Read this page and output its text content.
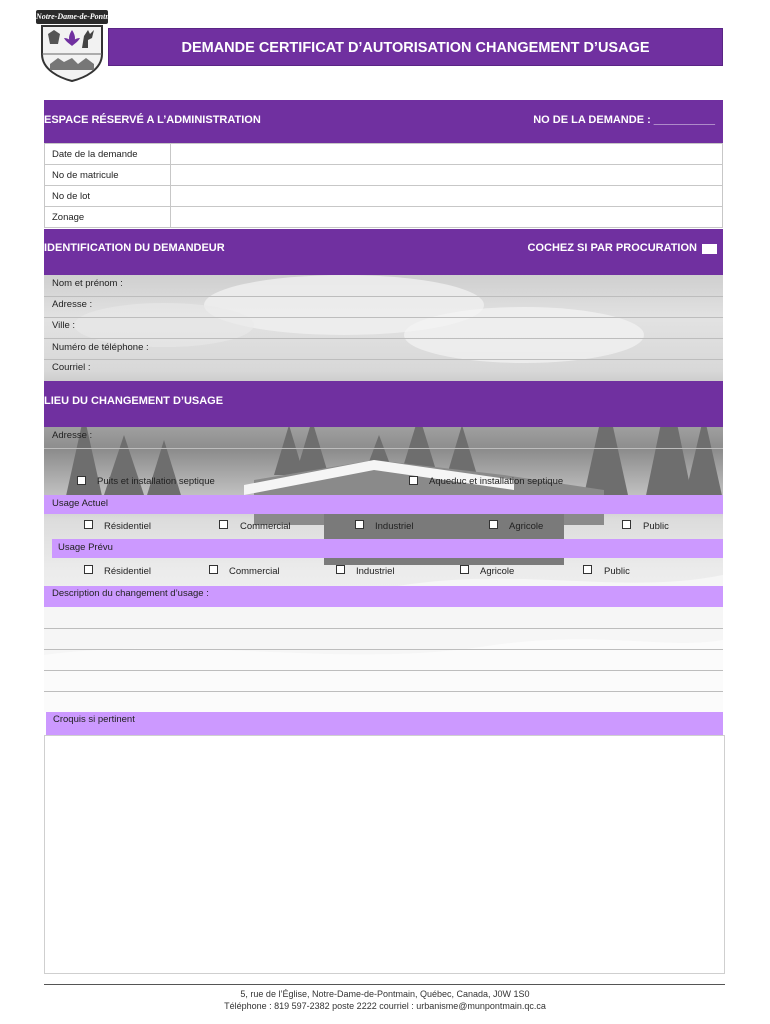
Notre-Dame-de-Pontmain
DEMANDE CERTIFICAT D’AUTORISATION CHANGEMENT D’USAGE
ESPACE RÉSERVÉ A L’ADMINISTRATION	NO DE LA DEMANDE : __________
Date de la demande	
No de matricule	
No de lot	
Zonage	
IDENTIFICATION DU DEMANDEUR	COCHEZ SI PAR PROCURATION
Nom et prénom :
Adresse :
Ville :
Numéro de téléphone :
Courriel :
LIEU DU CHANGEMENT D’USAGE
Adresse :
Puits et installation septique	Aqueduc et installation septique
Usage Actuel
Résidentiel	Commercial	Industriel	Agricole	Public
Usage Prévu
Résidentiel	Commercial	Industriel	Agricole	Public
Description du changement d’usage :
Croquis si pertinent
5, rue de l’Église, Notre-Dame-de-Pontmain, Québec, Canada, J0W 1S0
Téléphone : 819 597-2382 poste 2222 courriel : urbanisme@munpontmain.qc.ca
